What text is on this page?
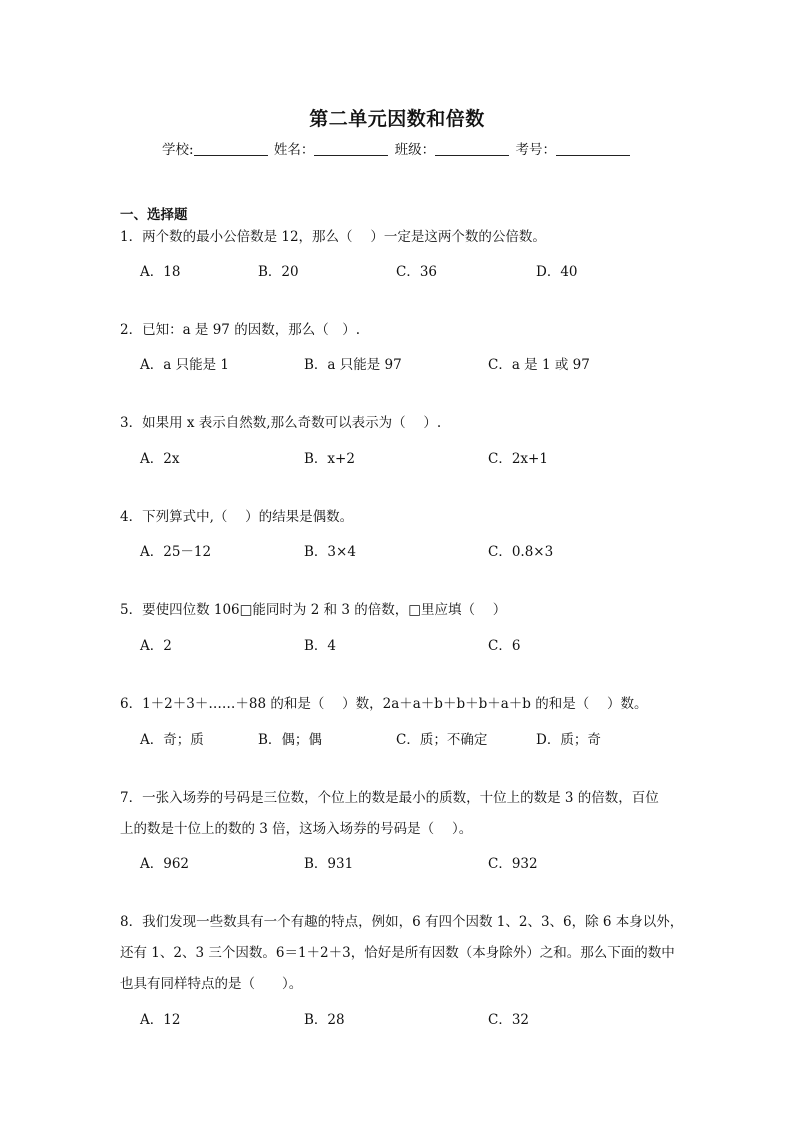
第二单元因数和倍数
学校:	姓名：	班级：	考号：
一、选择题
1．两个数的最小公倍数是 12，那么（　 ）一定是这两个数的公倍数。
A．18	B．20	C．36	D．40
2．已知：a 是 97 的因数，那么（　）.
A．a 只能是 1	B．a 只能是 97	C．a 是 1 或 97
3．如果用 x 表示自然数,那么奇数可以表示为（　 ）.
A．2x	B．x+2	C．2x+1
4．下列算式中,（　 ）的结果是偶数。
A．25－12	B．3×4	C．0.8×3
5．要使四位数 106□能同时为 2 和 3 的倍数，□里应填（　 ）
A．2	B．4	C．6
6．1＋2＋3＋……＋88 的和是（　 ）数，2a＋a＋b＋b＋b＋a＋b 的和是（　 ）数。
A．奇；质	B．偶；偶	C．质；不确定	D．质；奇
7．一张入场券的号码是三位数，个位上的数是最小的质数，十位上的数是 3 的倍数，百位
上的数是十位上的数的 3 倍，这场入场券的号码是（　 ）。
A．962	B．931	C．932
8．我们发现一些数具有一个有趣的特点，例如，6 有四个因数 1、2、3、6，除 6 本身以外，
还有 1、2、3 三个因数。6＝1＋2＋3，恰好是所有因数（本身除外）之和。那么下面的数中
也具有同样特点的是（　　）。
A．12	B．28	C．32
